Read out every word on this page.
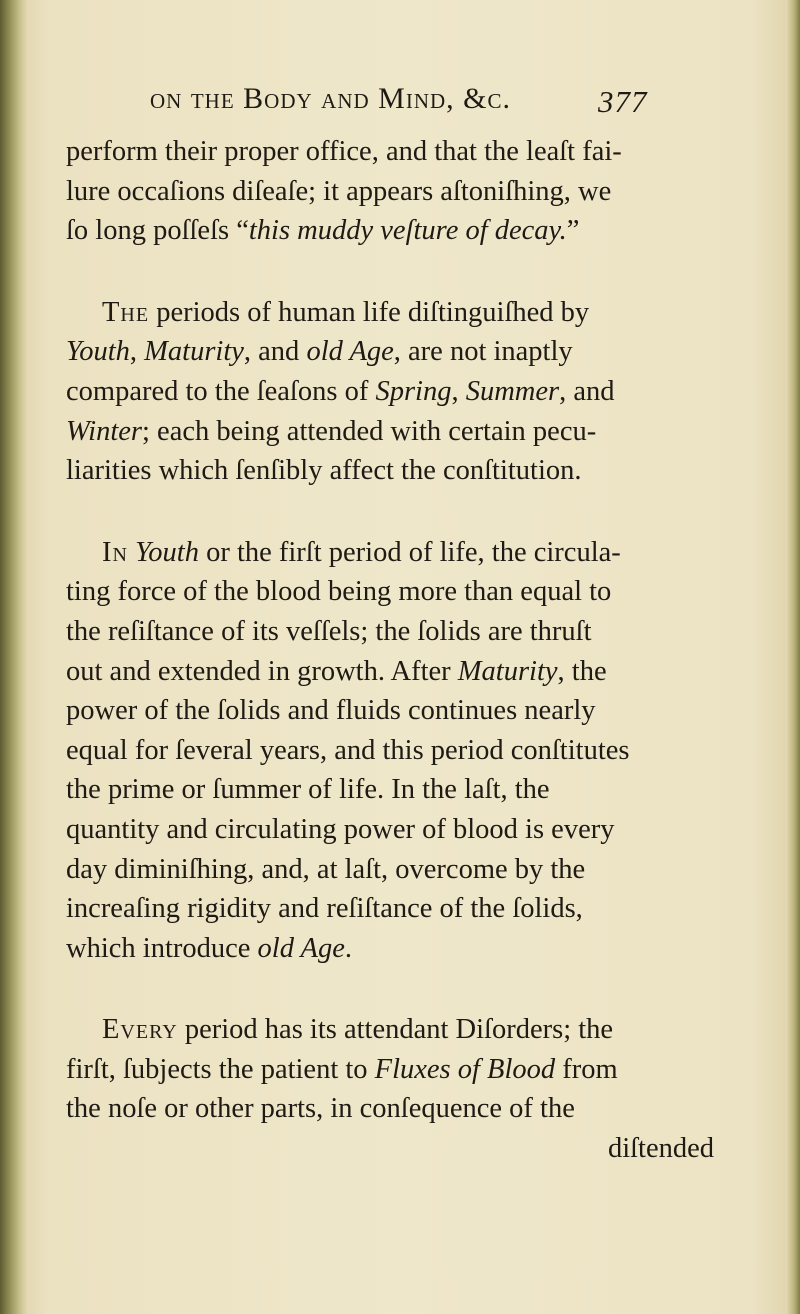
on the Body and Mind, &c.	377
perform their proper office, and that the leaſt fai-
lure occaſions diſeaſe; it appears aſtoniſhing, we
ſo long poſſeſs “this muddy veſture of decay.”
The periods of human life diſtinguiſhed by
Youth, Maturity, and old Age, are not inaptly
compared to the ſeaſons of Spring, Summer, and
Winter; each being attended with certain pecu-
liarities which ſenſibly affect the conſtitution.
In Youth or the firſt period of life, the circula-
ting force of the blood being more than equal to
the reſiſtance of its veſſels; the ſolids are thruſt
out and extended in growth. After Maturity, the
power of the ſolids and fluids continues nearly
equal for ſeveral years, and this period conſtitutes
the prime or ſummer of life. In the laſt, the
quantity and circulating power of blood is every
day diminiſhing, and, at laſt, overcome by the
increaſing rigidity and reſiſtance of the ſolids,
which introduce old Age.
Every period has its attendant Diſorders; the
firſt, ſubjects the patient to Fluxes of Blood from
the noſe or other parts, in conſequence of the
diſtended
